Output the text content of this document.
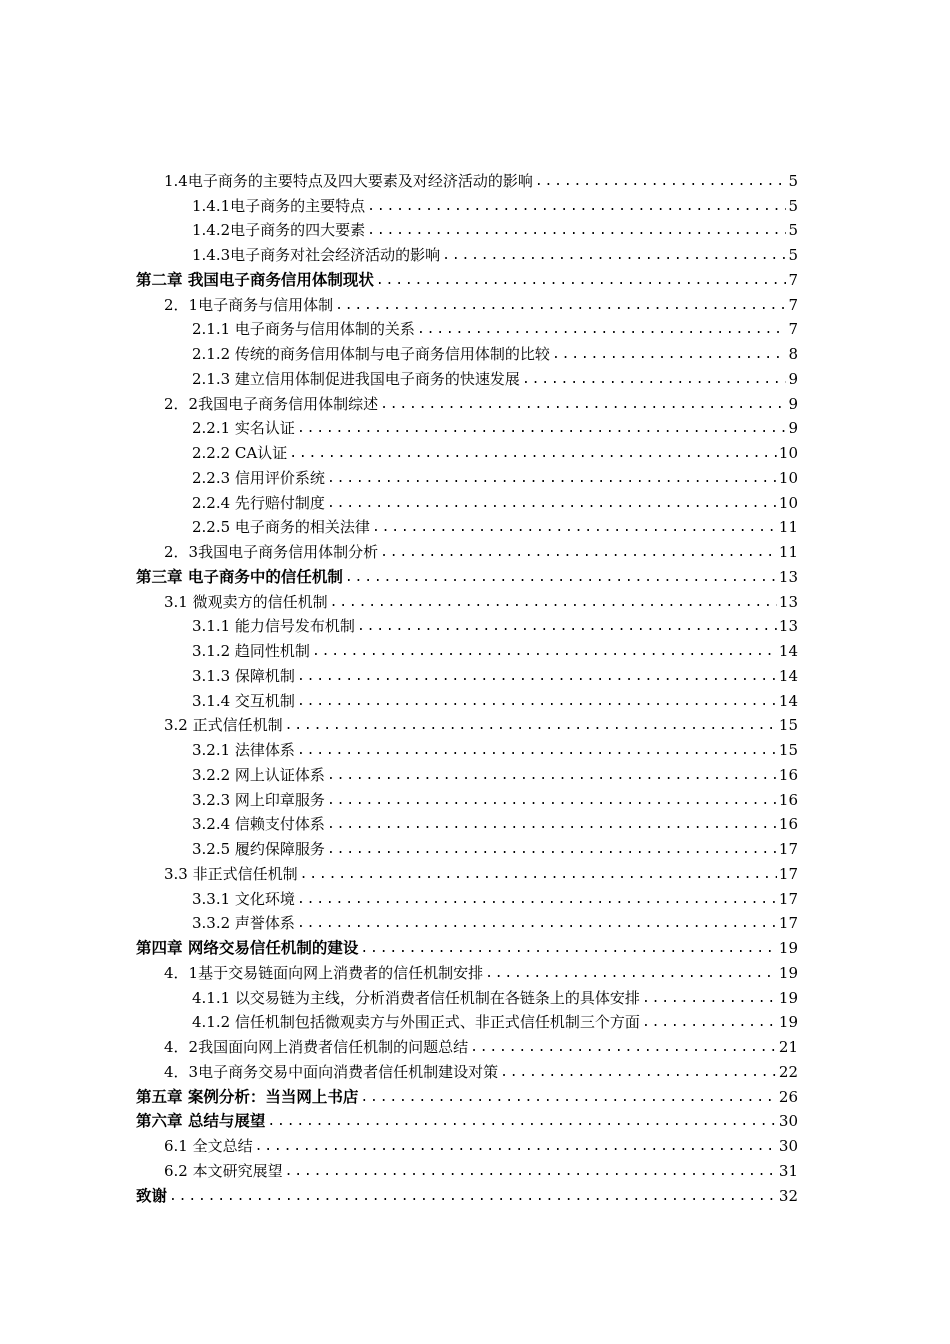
1.4电子商务的主要特点及四大要素及对经济活动的影响 . . .	5
1.4.1电子商务的主要特点 . . .	5
1.4.2电子商务的四大要素 . . .	5
1.4.3电子商务对社会经济活动的影响 . . .	5
第二章 我国电子商务信用体制现状 . . .	7
2．1电子商务与信用体制 . . .	7
2.1.1 电子商务与信用体制的关系 . . .	7
2.1.2 传统的商务信用体制与电子商务信用体制的比较 . . .	8
2.1.3 建立信用体制促进我国电子商务的快速发展 . . .	9
2．2我国电子商务信用体制综述 . . .	9
2.2.1 实名认证 . . .	9
2.2.2 CA认证 . . .	10
2.2.3 信用评价系统 . . .	10
2.2.4 先行赔付制度 . . .	10
2.2.5 电子商务的相关法律 . . .	11
2．3我国电子商务信用体制分析 . . .	11
第三章 电子商务中的信任机制 . . .	13
3.1 微观卖方的信任机制 . . .	13
3.1.1 能力信号发布机制 . . .	13
3.1.2 趋同性机制 . . .	14
3.1.3 保障机制 . . .	14
3.1.4 交互机制 . . .	14
3.2 正式信任机制 . . .	15
3.2.1 法律体系 . . .	15
3.2.2 网上认证体系 . . .	16
3.2.3 网上印章服务 . . .	16
3.2.4 信赖支付体系 . . .	16
3.2.5 履约保障服务 . . .	17
3.3 非正式信任机制 . . .	17
3.3.1 文化环境 . . .	17
3.3.2 声誉体系 . . .	17
第四章 网络交易信任机制的建设 . . .	19
4．1基于交易链面向网上消费者的信任机制安排 . . .	19
4.1.1 以交易链为主线，分析消费者信任机制在各链条上的具体安排 . . .	19
4.1.2 信任机制包括微观卖方与外围正式、非正式信任机制三个方面 . . .	19
4．2我国面向网上消费者信任机制的问题总结 . . .	21
4．3电子商务交易中面向消费者信任机制建设对策 . . .	22
第五章 案例分析：当当网上书店 . . .	26
第六章 总结与展望 . . .	30
6.1 全文总结 . . .	30
6.2 本文研究展望 . . .	31
致谢 . . .	32
